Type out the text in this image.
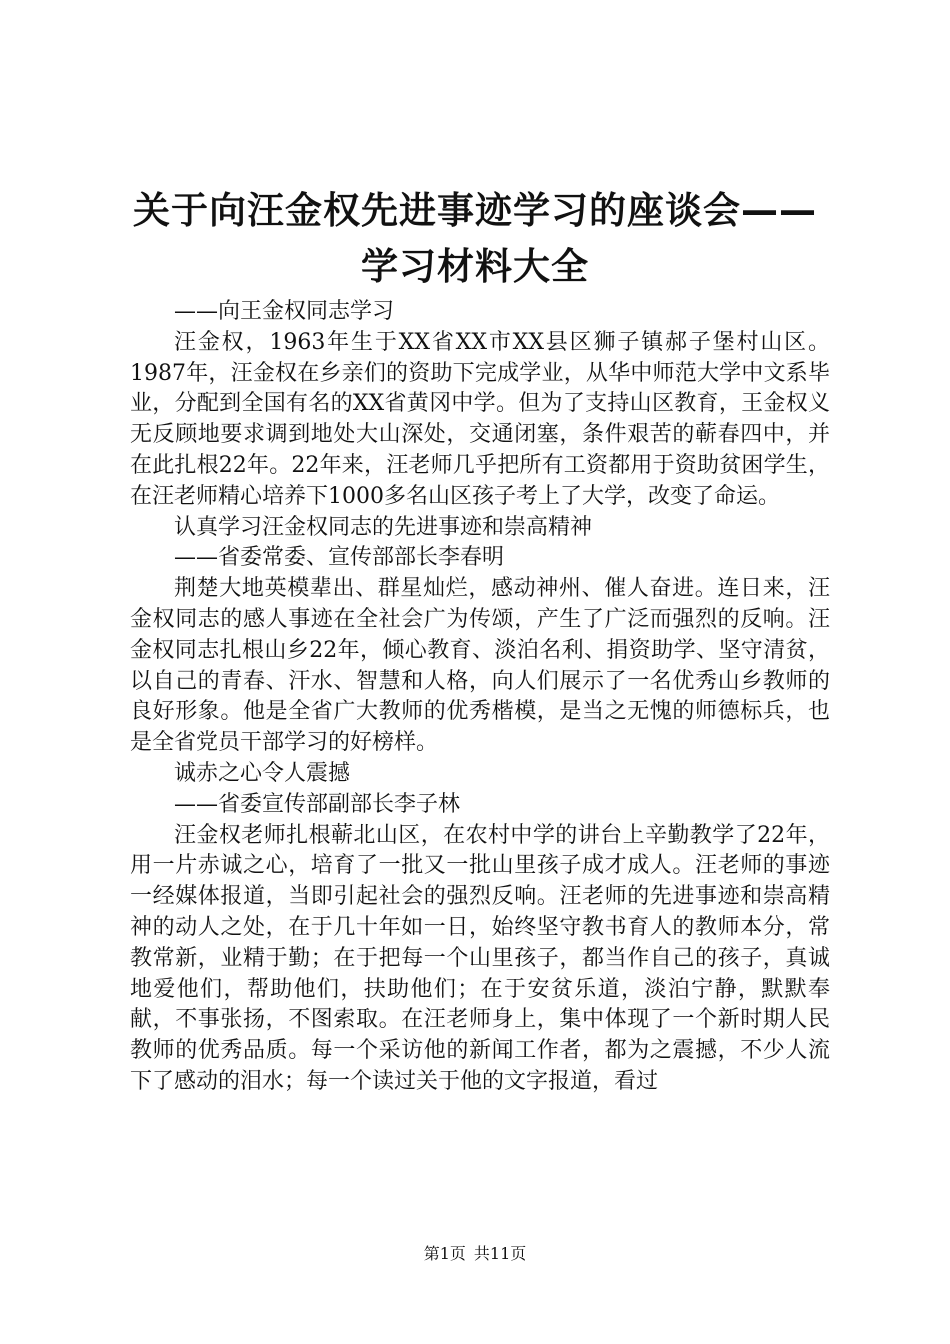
关于向汪金权先进事迹学习的座谈会——学习材料大全

——向王金权同志学习

汪金权，1963年生于XX省XX市XX县区狮子镇郝子堡村山区。1987年，汪金权在乡亲们的资助下完成学业，从华中师范大学中文系毕业，分配到全国有名的XX省黄冈中学。但为了支持山区教育，王金权义无反顾地要求调到地处大山深处，交通闭塞，条件艰苦的蕲春四中，并在此扎根22年。22年来，汪老师几乎把所有工资都用于资助贫困学生，在汪老师精心培养下1000多名山区孩子考上了大学，改变了命运。

认真学习汪金权同志的先进事迹和崇高精神

——省委常委、宣传部部长李春明

荆楚大地英模辈出、群星灿烂，感动神州、催人奋进。连日来，汪金权同志的感人事迹在全社会广为传颂，产生了广泛而强烈的反响。汪金权同志扎根山乡22年，倾心教育、淡泊名利、捐资助学、坚守清贫，以自己的青春、汗水、智慧和人格，向人们展示了一名优秀山乡教师的良好形象。他是全省广大教师的优秀楷模，是当之无愧的师德标兵，也是全省党员干部学习的好榜样。

诚赤之心令人震撼

——省委宣传部副部长李子林

汪金权老师扎根蕲北山区，在农村中学的讲台上辛勤教学了22年，用一片赤诚之心，培育了一批又一批山里孩子成才成人。汪老师的事迹一经媒体报道，当即引起社会的强烈反响。汪老师的先进事迹和崇高精神的动人之处，在于几十年如一日，始终坚守教书育人的教师本分，常教常新，业精于勤；在于把每一个山里孩子，都当作自己的孩子，真诚地爱他们，帮助他们，扶助他们；在于安贫乐道，淡泊宁静，默默奉献，不事张扬，不图索取。在汪老师身上，集中体现了一个新时期人民教师的优秀品质。每一个采访他的新闻工作者，都为之震撼，不少人流下了感动的泪水；每一个读过关于他的文字报道，看过

第1页 共11页
